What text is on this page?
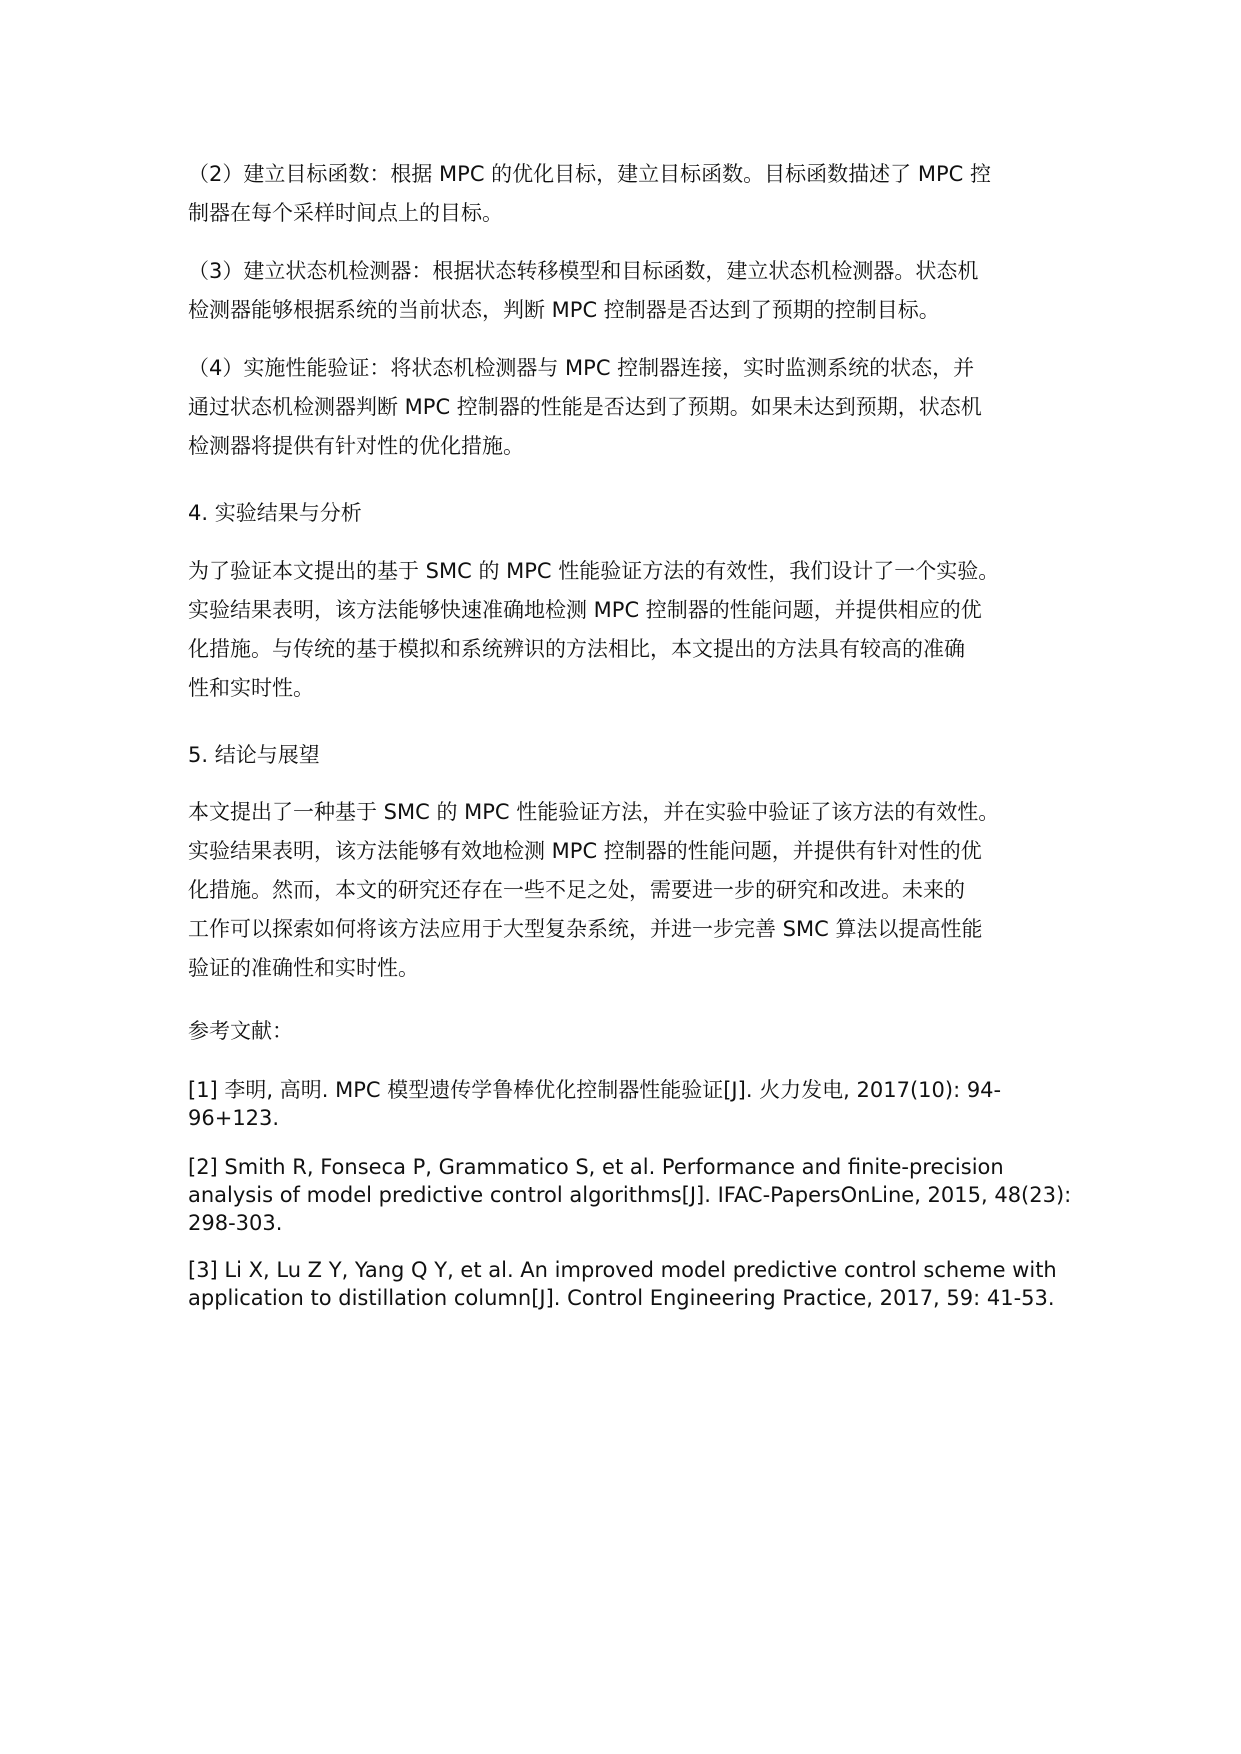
（2）建立目标函数：根据 MPC 的优化目标，建立目标函数。目标函数描述了 MPC 控
制器在每个采样时间点上的目标。

（3）建立状态机检测器：根据状态转移模型和目标函数，建立状态机检测器。状态机
检测器能够根据系统的当前状态，判断 MPC 控制器是否达到了预期的控制目标。

（4）实施性能验证：将状态机检测器与 MPC 控制器连接，实时监测系统的状态，并
通过状态机检测器判断 MPC 控制器的性能是否达到了预期。如果未达到预期，状态机
检测器将提供有针对性的优化措施。

4. 实验结果与分析

为了验证本文提出的基于 SMC 的 MPC 性能验证方法的有效性，我们设计了一个实验。
实验结果表明，该方法能够快速准确地检测 MPC 控制器的性能问题，并提供相应的优
化措施。与传统的基于模拟和系统辨识的方法相比，本文提出的方法具有较高的准确
性和实时性。

5. 结论与展望

本文提出了一种基于 SMC 的 MPC 性能验证方法，并在实验中验证了该方法的有效性。
实验结果表明，该方法能够有效地检测 MPC 控制器的性能问题，并提供有针对性的优
化措施。然而，本文的研究还存在一些不足之处，需要进一步的研究和改进。未来的
工作可以探索如何将该方法应用于大型复杂系统，并进一步完善 SMC 算法以提高性能
验证的准确性和实时性。

参考文献：

[1] 李明, 高明. MPC 模型遗传学鲁棒优化控制器性能验证[J]. 火力发电, 2017(10): 94-
96+123.

[2] Smith R, Fonseca P, Grammatico S, et al. Performance and finite-precision
analysis of model predictive control algorithms[J]. IFAC-PapersOnLine, 2015, 48(23):
298-303.

[3] Li X, Lu Z Y, Yang Q Y, et al. An improved model predictive control scheme with
application to distillation column[J]. Control Engineering Practice, 2017, 59: 41-53.
